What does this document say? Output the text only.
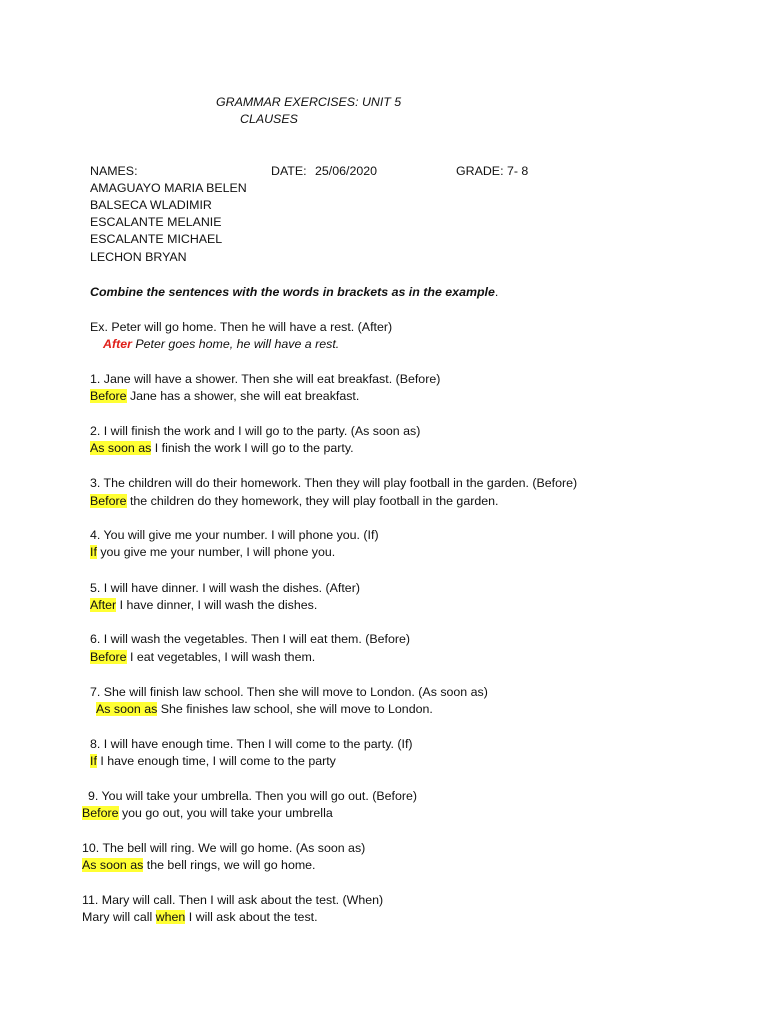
GRAMMAR EXERCISES: UNIT 5
CLAUSES
NAMES:	DATE: 25/06/2020	GRADE: 7- 8
AMAGUAYO MARIA BELEN
BALSECA WLADIMIR
ESCALANTE MELANIE
ESCALANTE MICHAEL
LECHON BRYAN
Combine the sentences with the words in brackets as in the example.
Ex. Peter will go home. Then he will have a rest. (After)
After Peter goes home, he will have a rest.
1. Jane will have a shower. Then she will eat breakfast. (Before)
Before Jane has a shower, she will eat breakfast.
2. I will finish the work and I will go to the party. (As soon as)
As soon as I finish the work I will go to the party.
3. The children will do their homework. Then they will play football in the garden. (Before)
Before the children do they homework, they will play football in the garden.
4. You will give me your number. I will phone you. (If)
If you give me your number, I will phone you.
5. I will have dinner. I will wash the dishes. (After)
After I have dinner, I will wash the dishes.
6. I will wash the vegetables. Then I will eat them. (Before)
Before I eat vegetables, I will wash them.
7. She will finish law school. Then she will move to London. (As soon as)
As soon as She finishes law school, she will move to London.
8. I will have enough time. Then I will come to the party. (If)
If I have enough time, I will come to the party
9. You will take your umbrella. Then you will go out. (Before)
Before you go out, you will take your umbrella
10. The bell will ring. We will go home. (As soon as)
As soon as the bell rings, we will go home.
11. Mary will call. Then I will ask about the test. (When)
Mary will call when I will ask about the test.
